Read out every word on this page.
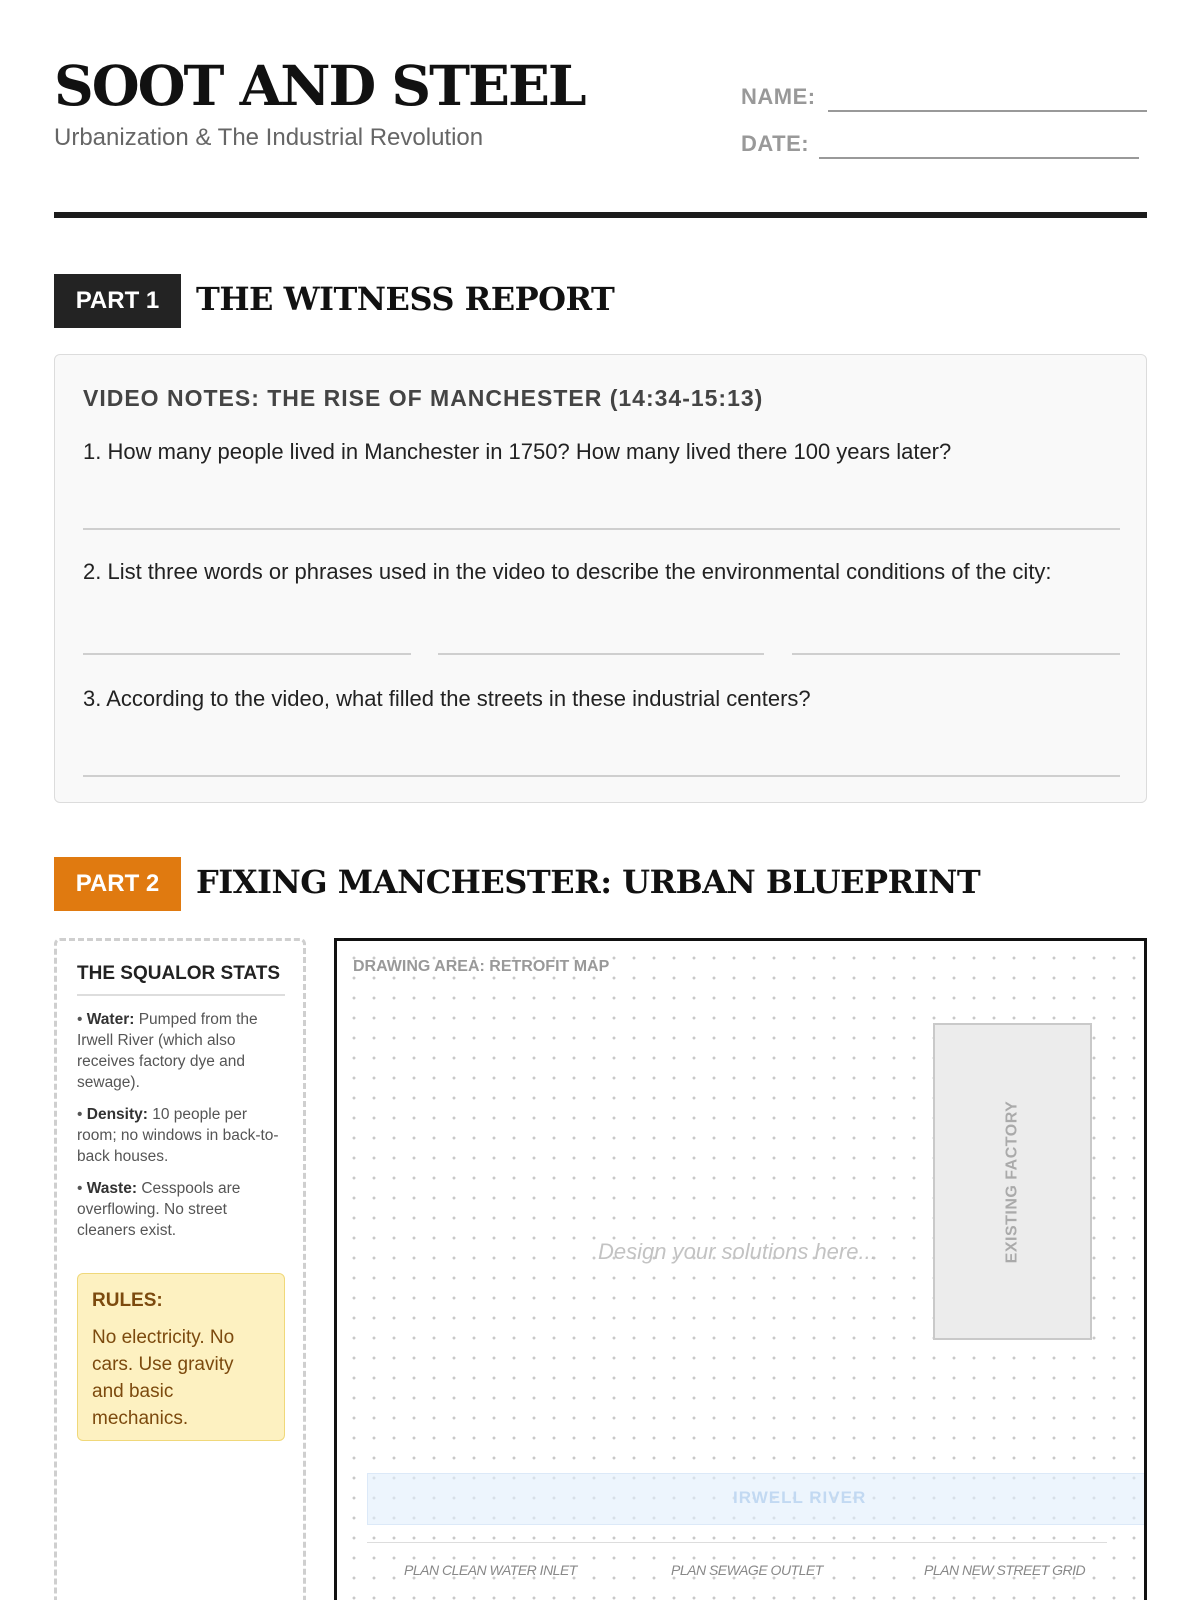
SOOT AND STEEL
Urbanization & The Industrial Revolution
NAME:
DATE:
PART 1	THE WITNESS REPORT
VIDEO NOTES: THE RISE OF MANCHESTER (14:34-15:13)
1. How many people lived in Manchester in 1750? How many lived there 100 years later?
2. List three words or phrases used in the video to describe the environmental conditions of the city:
3. According to the video, what filled the streets in these industrial centers?
PART 2	FIXING MANCHESTER: URBAN BLUEPRINT
THE SQUALOR STATS
• Water: Pumped from the Irwell River (which also receives factory dye and sewage).
• Density: 10 people per room; no windows in back-to-back houses.
• Waste: Cesspools are overflowing. No street cleaners exist.
RULES:
No electricity. No cars. Use gravity and basic mechanics.
DRAWING AREA: RETROFIT MAP
EXISTING FACTORY
Design your solutions here...
IRWELL RIVER
PLAN CLEAN WATER INLET	PLAN SEWAGE OUTLET	PLAN NEW STREET GRID
